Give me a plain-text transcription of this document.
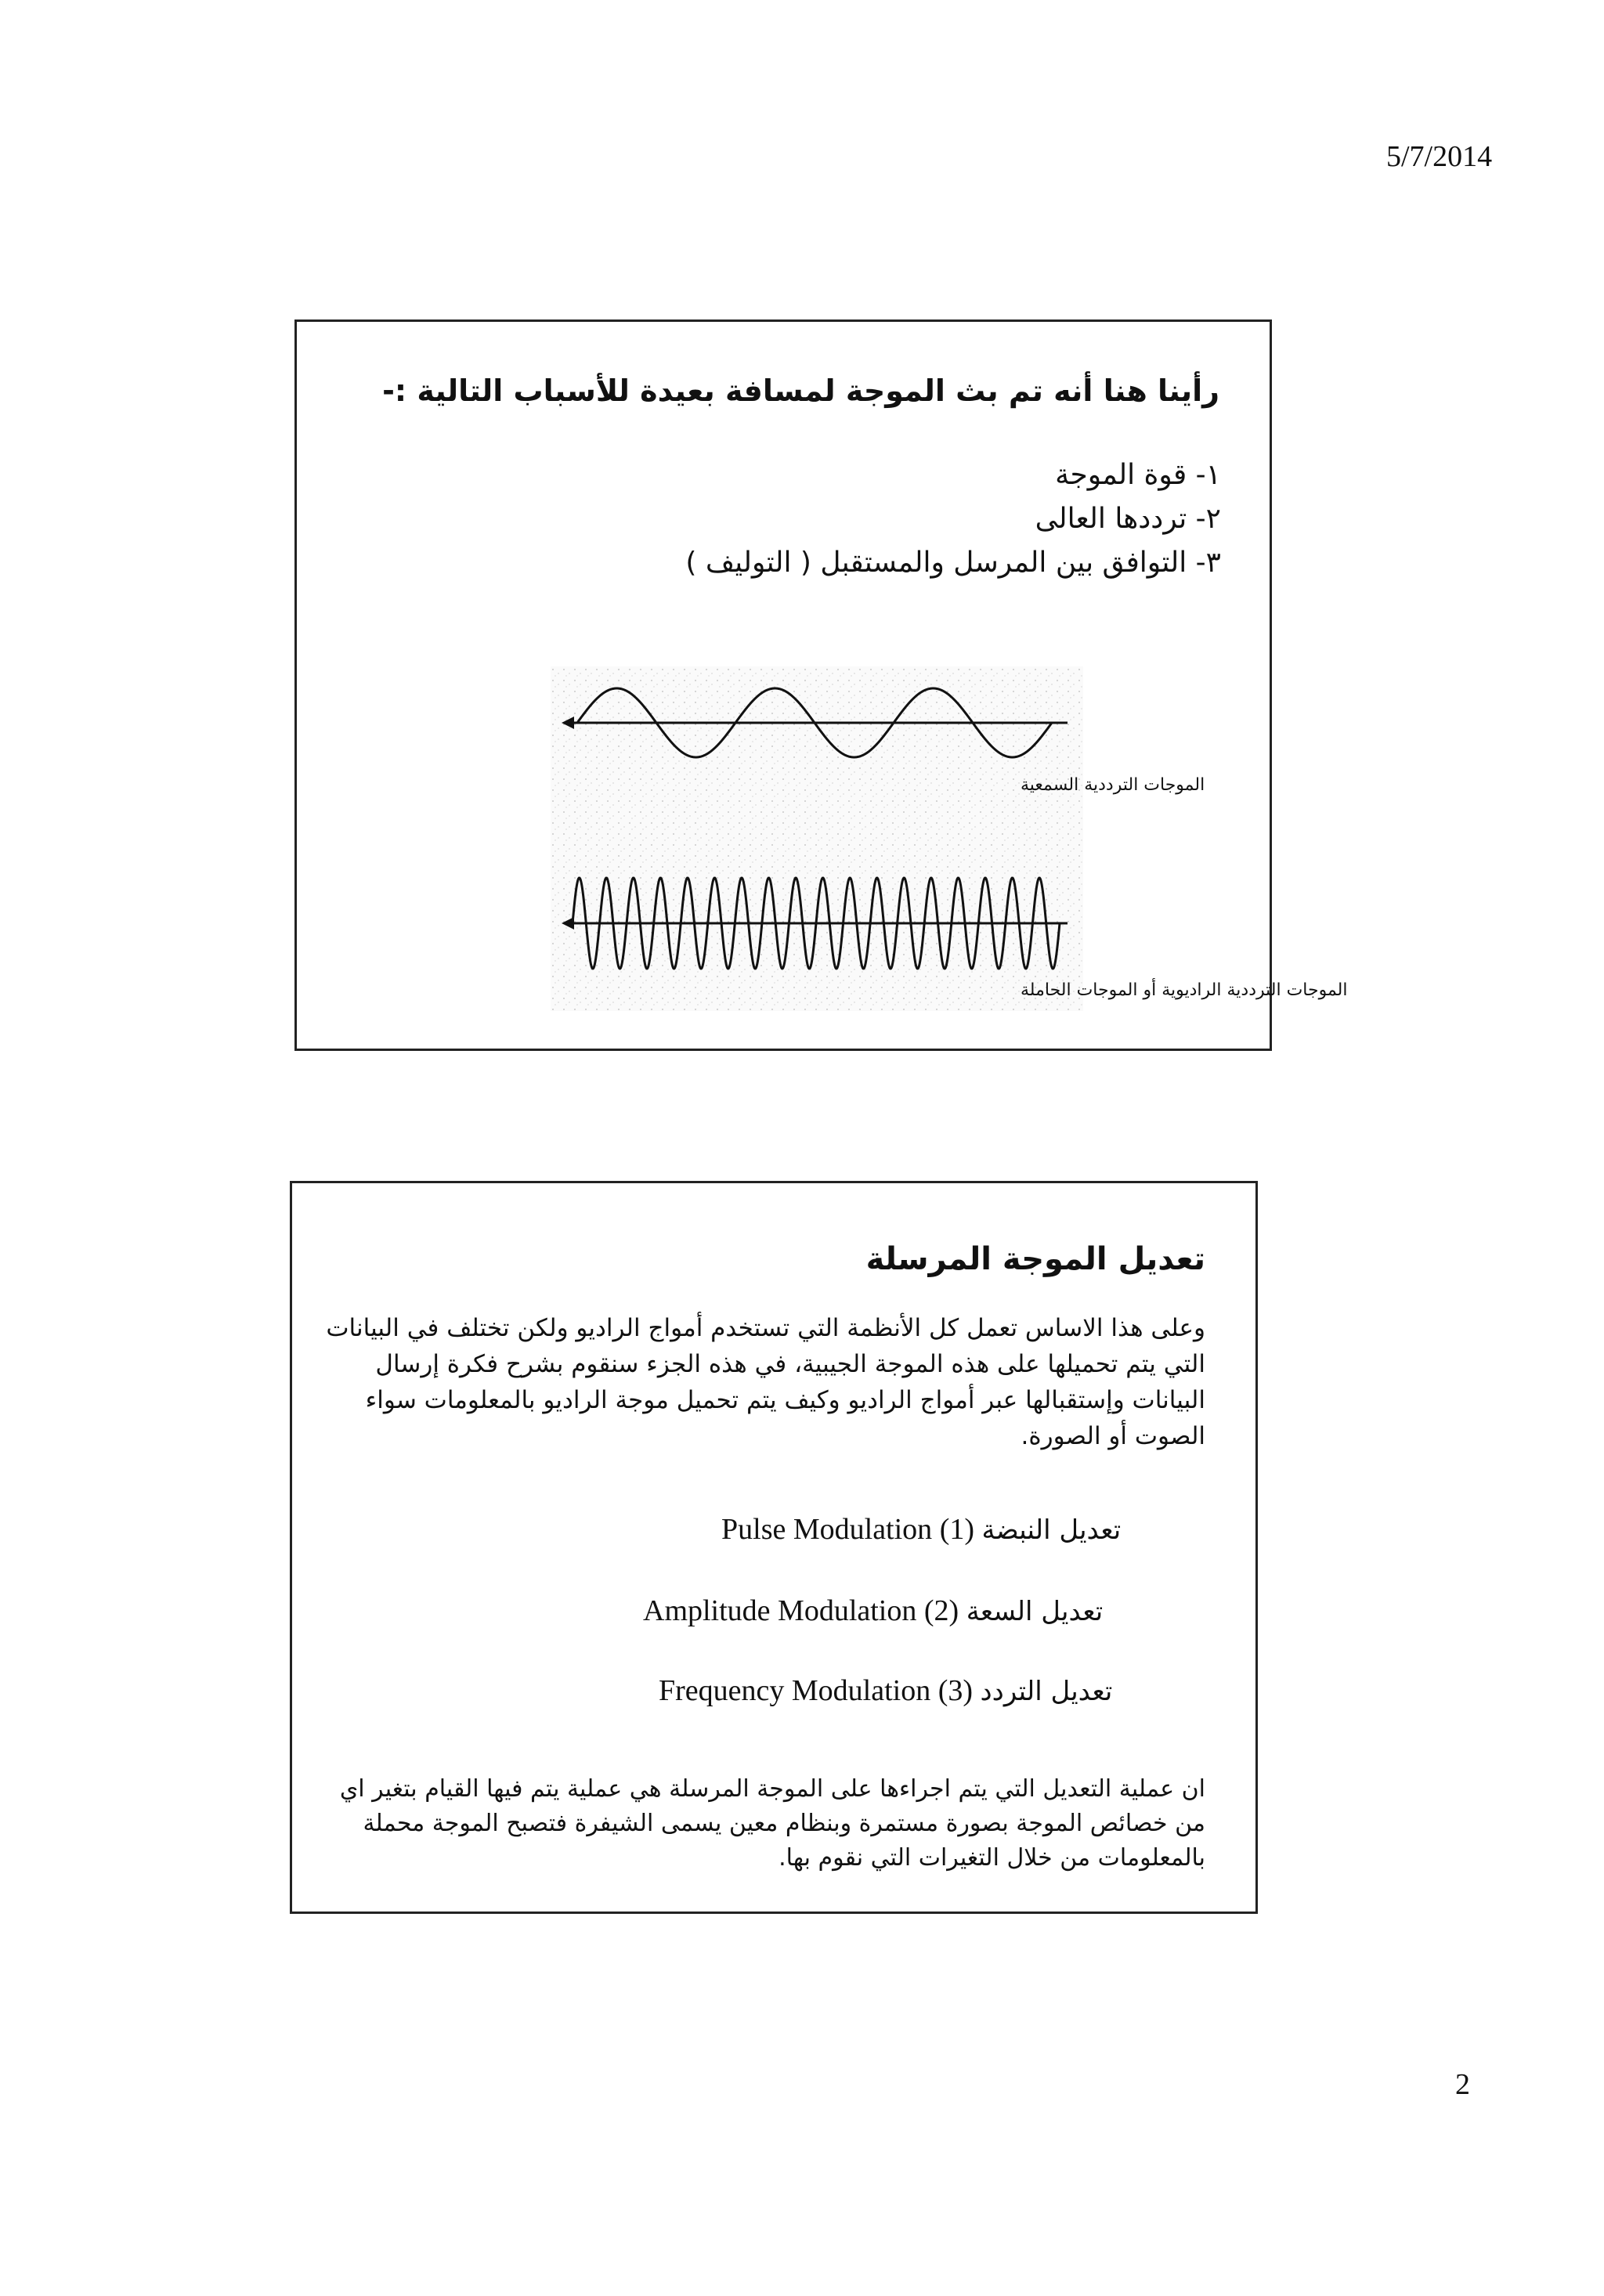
5/7/2014
رأينا هنا أنه تم بث الموجة لمسافة بعيدة للأسباب التالية :-
١- قوة الموجة
٢- ترددها العالى
٣- التوافق بين المرسل والمستقبل ( التوليف )
الموجات الترددية السمعية
الموجات الترددية الراديوية أو الموجات الحاملة
تعديل الموجة المرسلة
وعلى هذا الاساس تعمل كل الأنظمة التي تستخدم أمواج الراديو ولكن تختلف في البيانات التي يتم تحميلها على هذه الموجة الجيبية، في هذه الجزء سنقوم بشرح فكرة إرسال البيانات وإستقبالها عبر أمواج الراديو وكيف يتم تحميل موجة الراديو بالمعلومات سواء الصوت أو الصورة.
Pulse Modulation تعديل النبضة (1)
Amplitude Modulation تعديل السعة (2)
Frequency Modulation تعديل التردد (3)
ان عملية التعديل التي يتم اجراءها على الموجة المرسلة هي عملية يتم فيها القيام بتغير اي من خصائص الموجة بصورة مستمرة وبنظام معين يسمى الشيفرة فتصبح الموجة محملة بالمعلومات من خلال التغيرات التي نقوم بها.
2
